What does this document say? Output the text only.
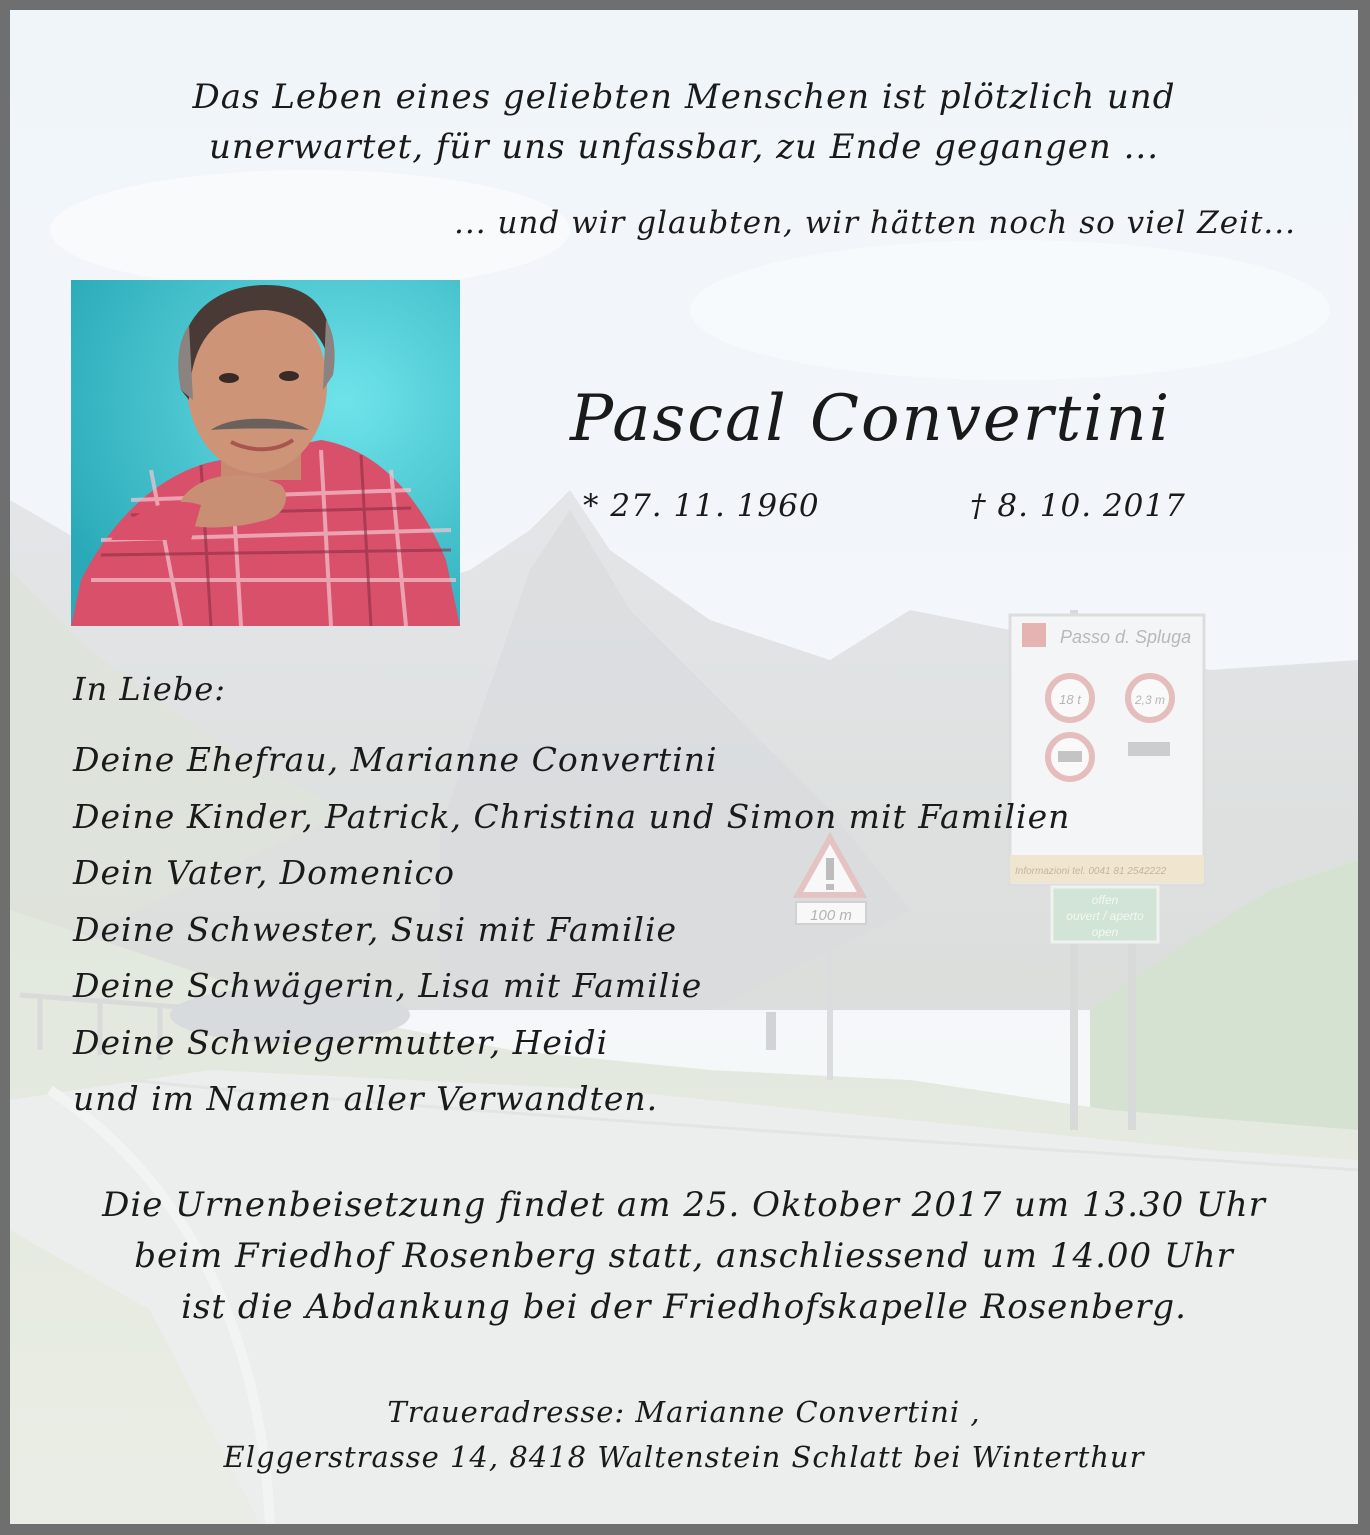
100 m
Passo d. Spluga
18 t	2,3 m
Informazioni tel. 0041 81 2542222
offen
ouvert / aperto
open
Das Leben eines geliebten Menschen ist plötzlich und
unerwartet, für uns unfassbar, zu Ende gegangen ...
... und wir glaubten, wir hätten noch so viel Zeit...
Pascal Convertini
* 27. 11. 1960	† 8. 10. 2017
In Liebe:
Deine Ehefrau, Marianne Convertini
Deine Kinder, Patrick, Christina und Simon mit Familien
Dein Vater, Domenico
Deine Schwester, Susi mit Familie
Deine Schwägerin, Lisa mit Familie
Deine Schwiegermutter, Heidi
und im Namen aller Verwandten.
Die Urnenbeisetzung findet am 25. Oktober 2017 um 13.30 Uhr
beim Friedhof Rosenberg statt, anschliessend um 14.00 Uhr
ist die Abdankung bei der Friedhofskapelle Rosenberg.
Traueradresse: Marianne Convertini ,
Elggerstrasse 14, 8418 Waltenstein Schlatt bei Winterthur
